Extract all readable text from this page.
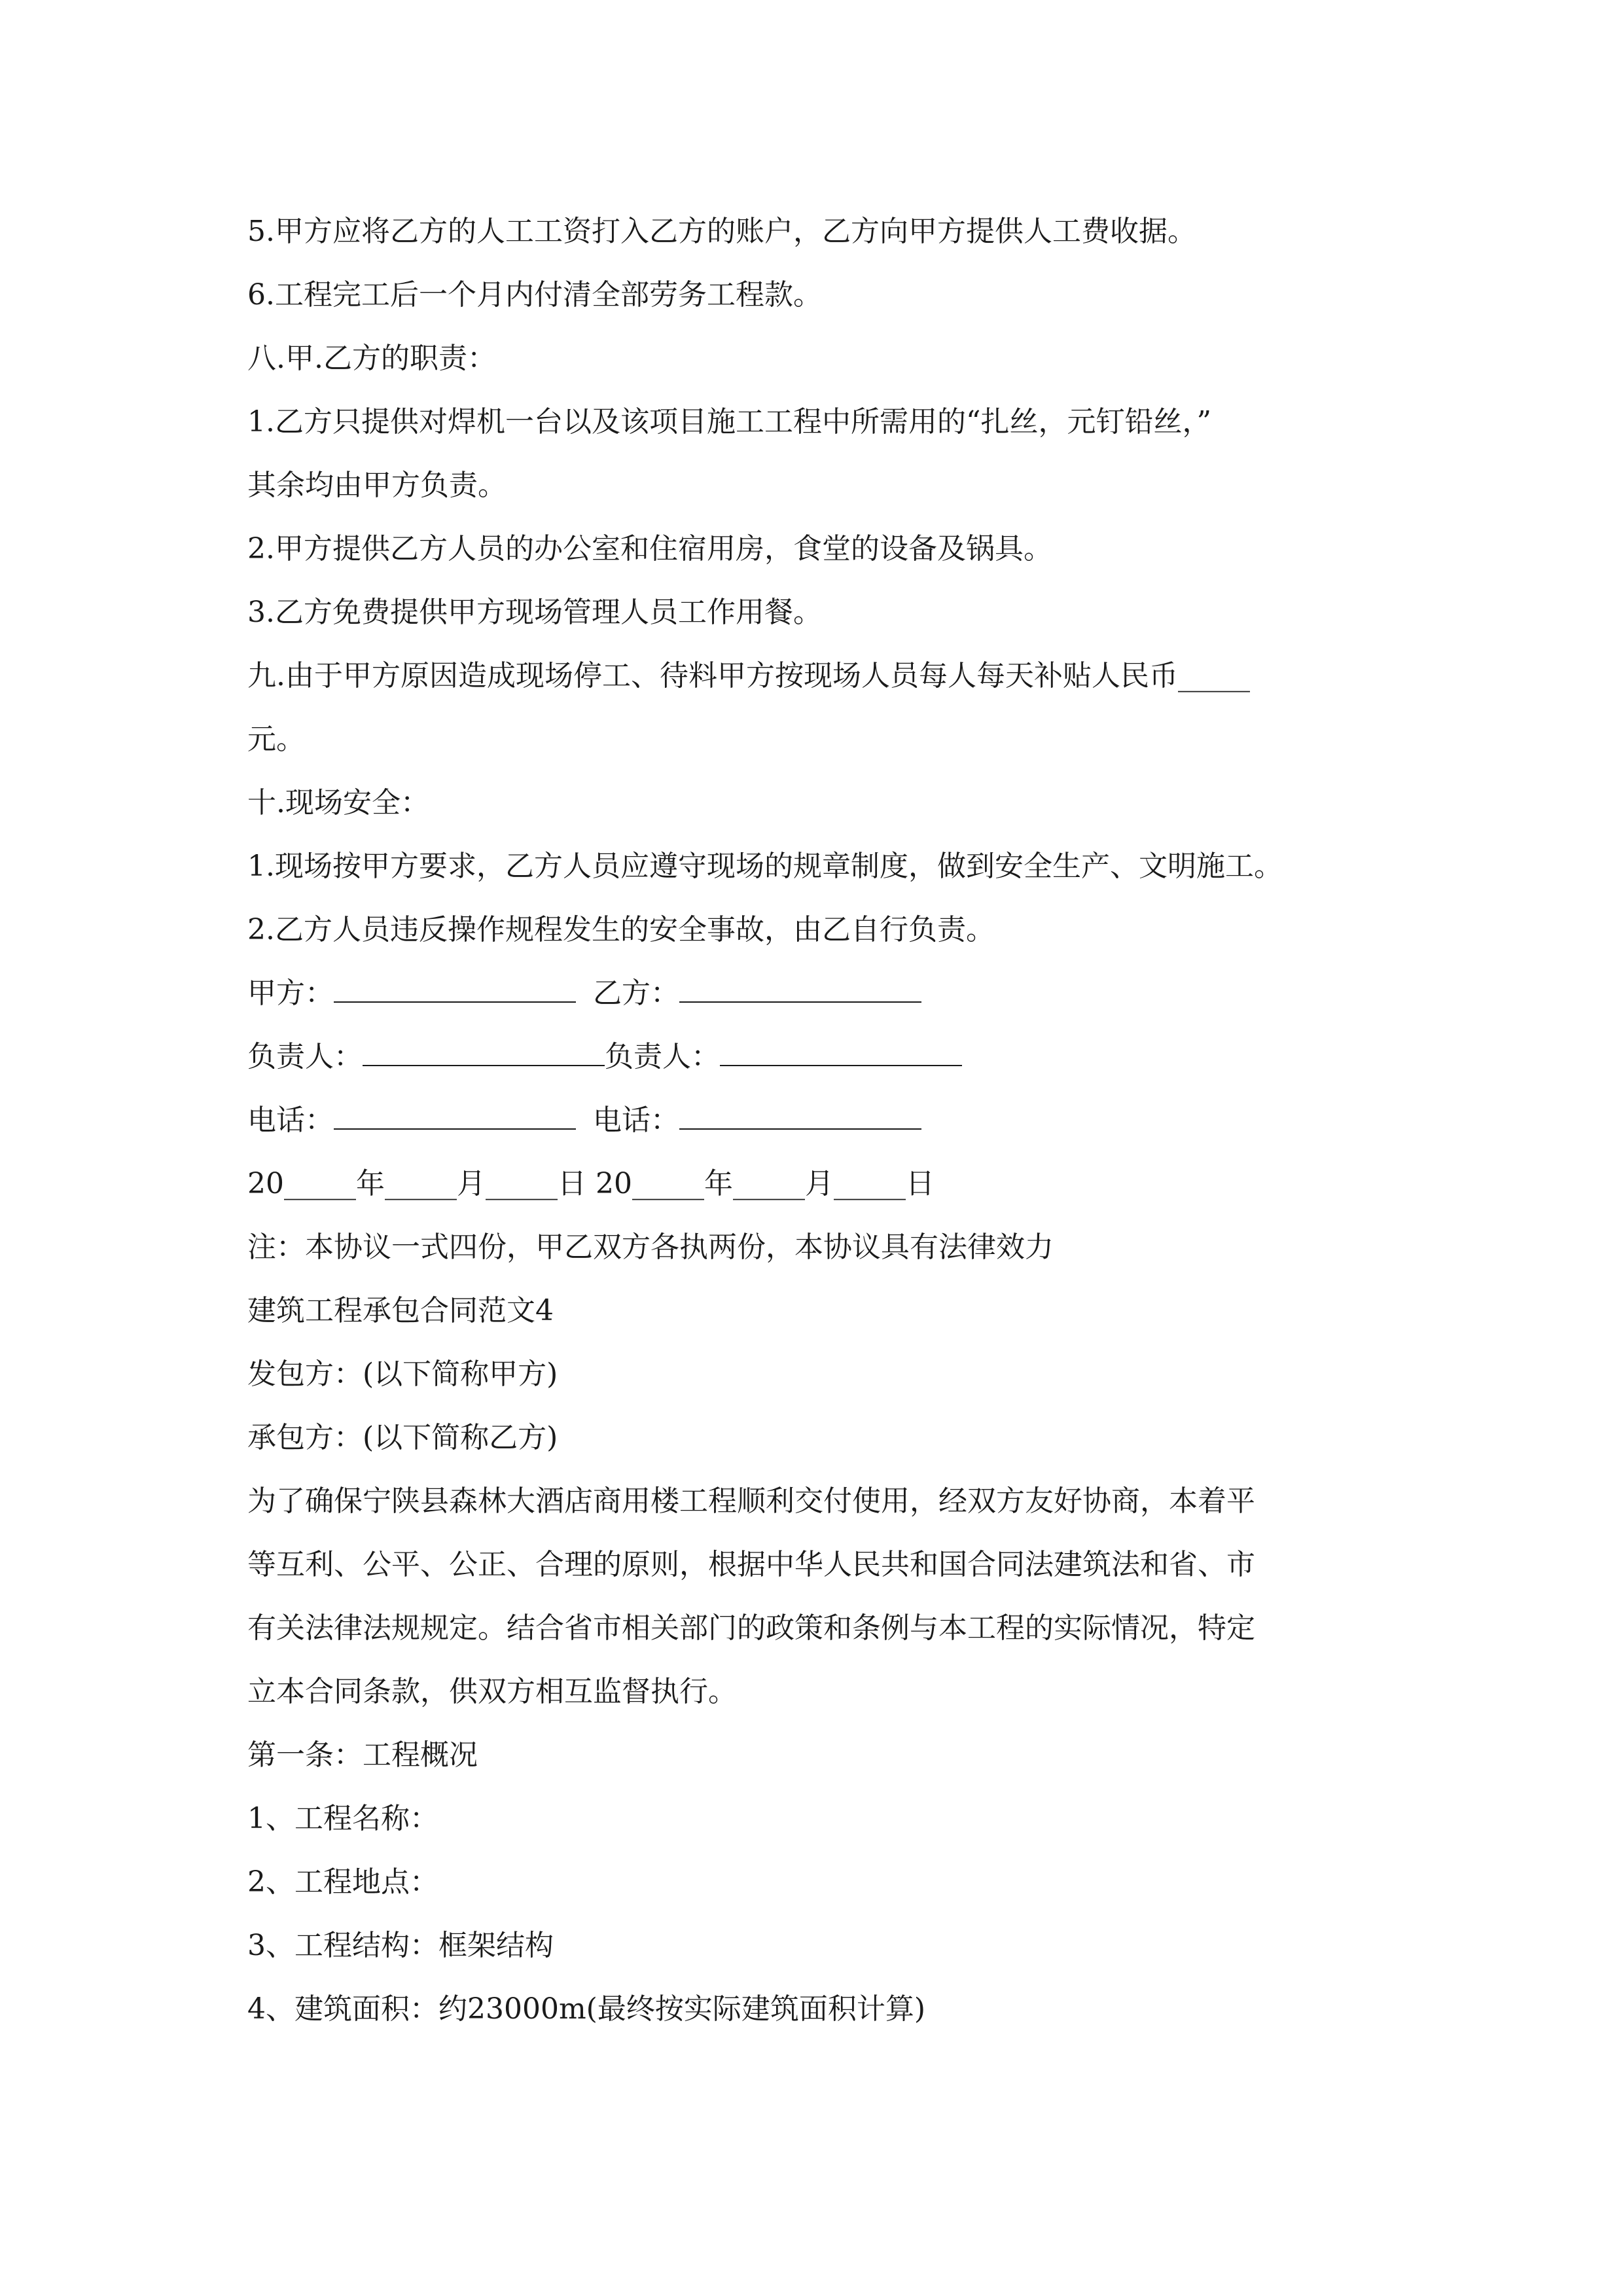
5.甲方应将乙方的人工工资打入乙方的账户，乙方向甲方提供人工费收据。
6.工程完工后一个月内付清全部劳务工程款。
八.甲.乙方的职责：
1.乙方只提供对焊机一台以及该项目施工工程中所需用的“扎丝，元钉铅丝，”
其余均由甲方负责。
2.甲方提供乙方人员的办公室和住宿用房，食堂的设备及锅具。
3.乙方免费提供甲方现场管理人员工作用餐。
九.由于甲方原因造成现场停工、待料甲方按现场人员每人每天补贴人民币_____
元。
十.现场安全：
1.现场按甲方要求，乙方人员应遵守现场的规章制度，做到安全生产、文明施工。
2.乙方人员违反操作规程发生的安全事故，由乙自行负责。
甲方：	乙方：
负责人：	负责人：
电话：	电话：
20_____年_____月_____日 20_____年_____月_____日
注：本协议一式四份，甲乙双方各执两份，本协议具有法律效力
建筑工程承包合同范文4
发包方：(以下简称甲方)
承包方：(以下简称乙方)
为了确保宁陕县森林大酒店商用楼工程顺利交付使用，经双方友好协商，本着平
等互利、公平、公正、合理的原则，根据中华人民共和国合同法建筑法和省、市
有关法律法规规定。结合省市相关部门的政策和条例与本工程的实际情况，特定
立本合同条款，供双方相互监督执行。
第一条：工程概况
1、工程名称：
2、工程地点：
3、工程结构：框架结构
4、建筑面积：约23000m(最终按实际建筑面积计算)
